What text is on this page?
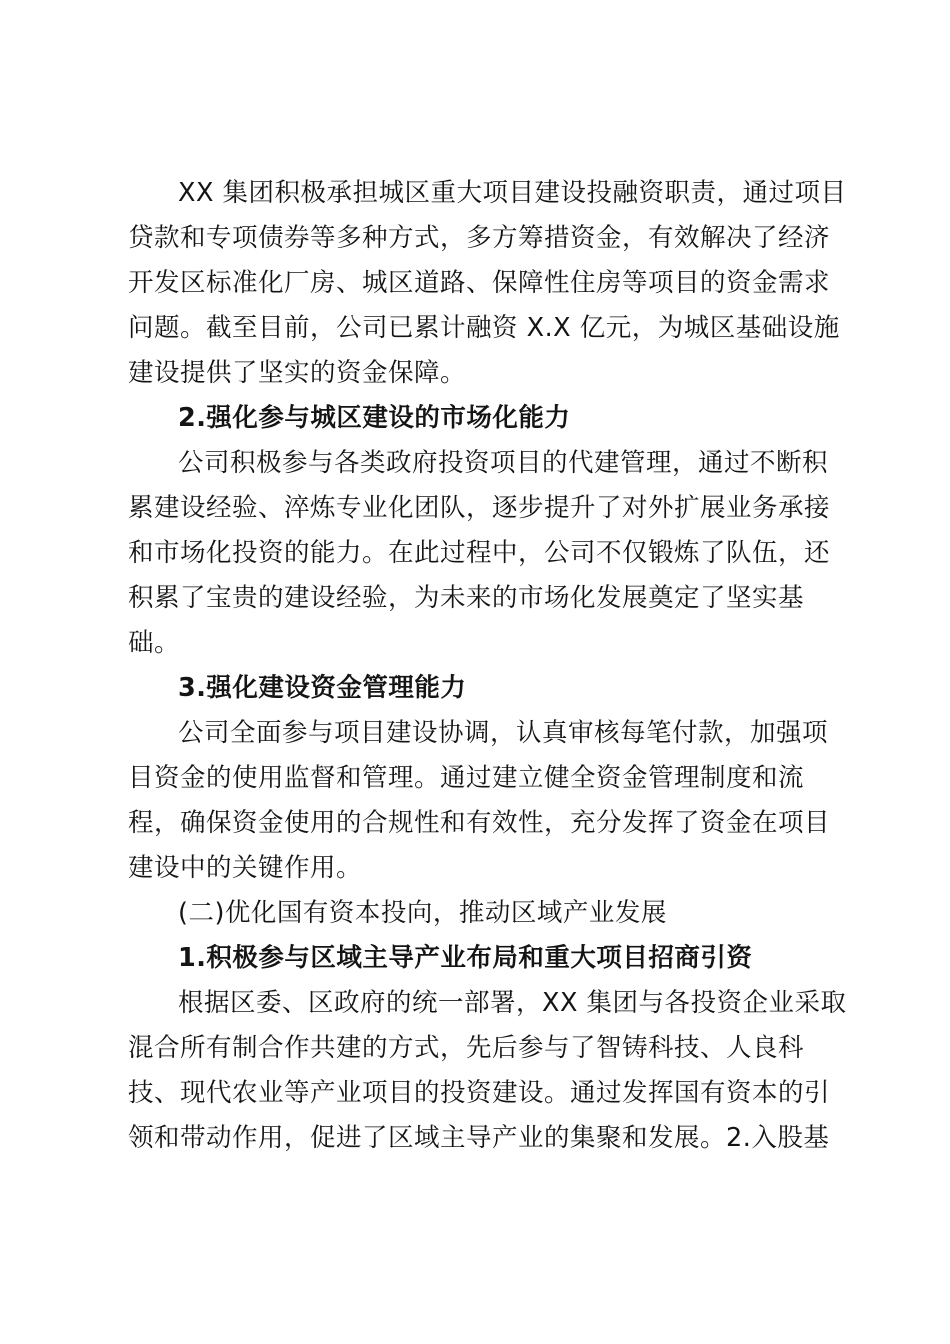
XX 集团积极承担城区重大项目建设投融资职责，通过项目
贷款和专项债券等多种方式，多方筹措资金，有效解决了经济
开发区标准化厂房、城区道路、保障性住房等项目的资金需求
问题。截至目前，公司已累计融资 X.X 亿元，为城区基础设施
建设提供了坚实的资金保障。
2.强化参与城区建设的市场化能力
公司积极参与各类政府投资项目的代建管理，通过不断积
累建设经验、淬炼专业化团队，逐步提升了对外扩展业务承接
和市场化投资的能力。在此过程中，公司不仅锻炼了队伍，还
积累了宝贵的建设经验，为未来的市场化发展奠定了坚实基
础。
3.强化建设资金管理能力
公司全面参与项目建设协调，认真审核每笔付款，加强项
目资金的使用监督和管理。通过建立健全资金管理制度和流
程，确保资金使用的合规性和有效性，充分发挥了资金在项目
建设中的关键作用。
(二)优化国有资本投向，推动区域产业发展
1.积极参与区域主导产业布局和重大项目招商引资
根据区委、区政府的统一部署，XX 集团与各投资企业采取
混合所有制合作共建的方式，先后参与了智铸科技、人良科
技、现代农业等产业项目的投资建设。通过发挥国有资本的引
领和带动作用，促进了区域主导产业的集聚和发展。2.入股基
